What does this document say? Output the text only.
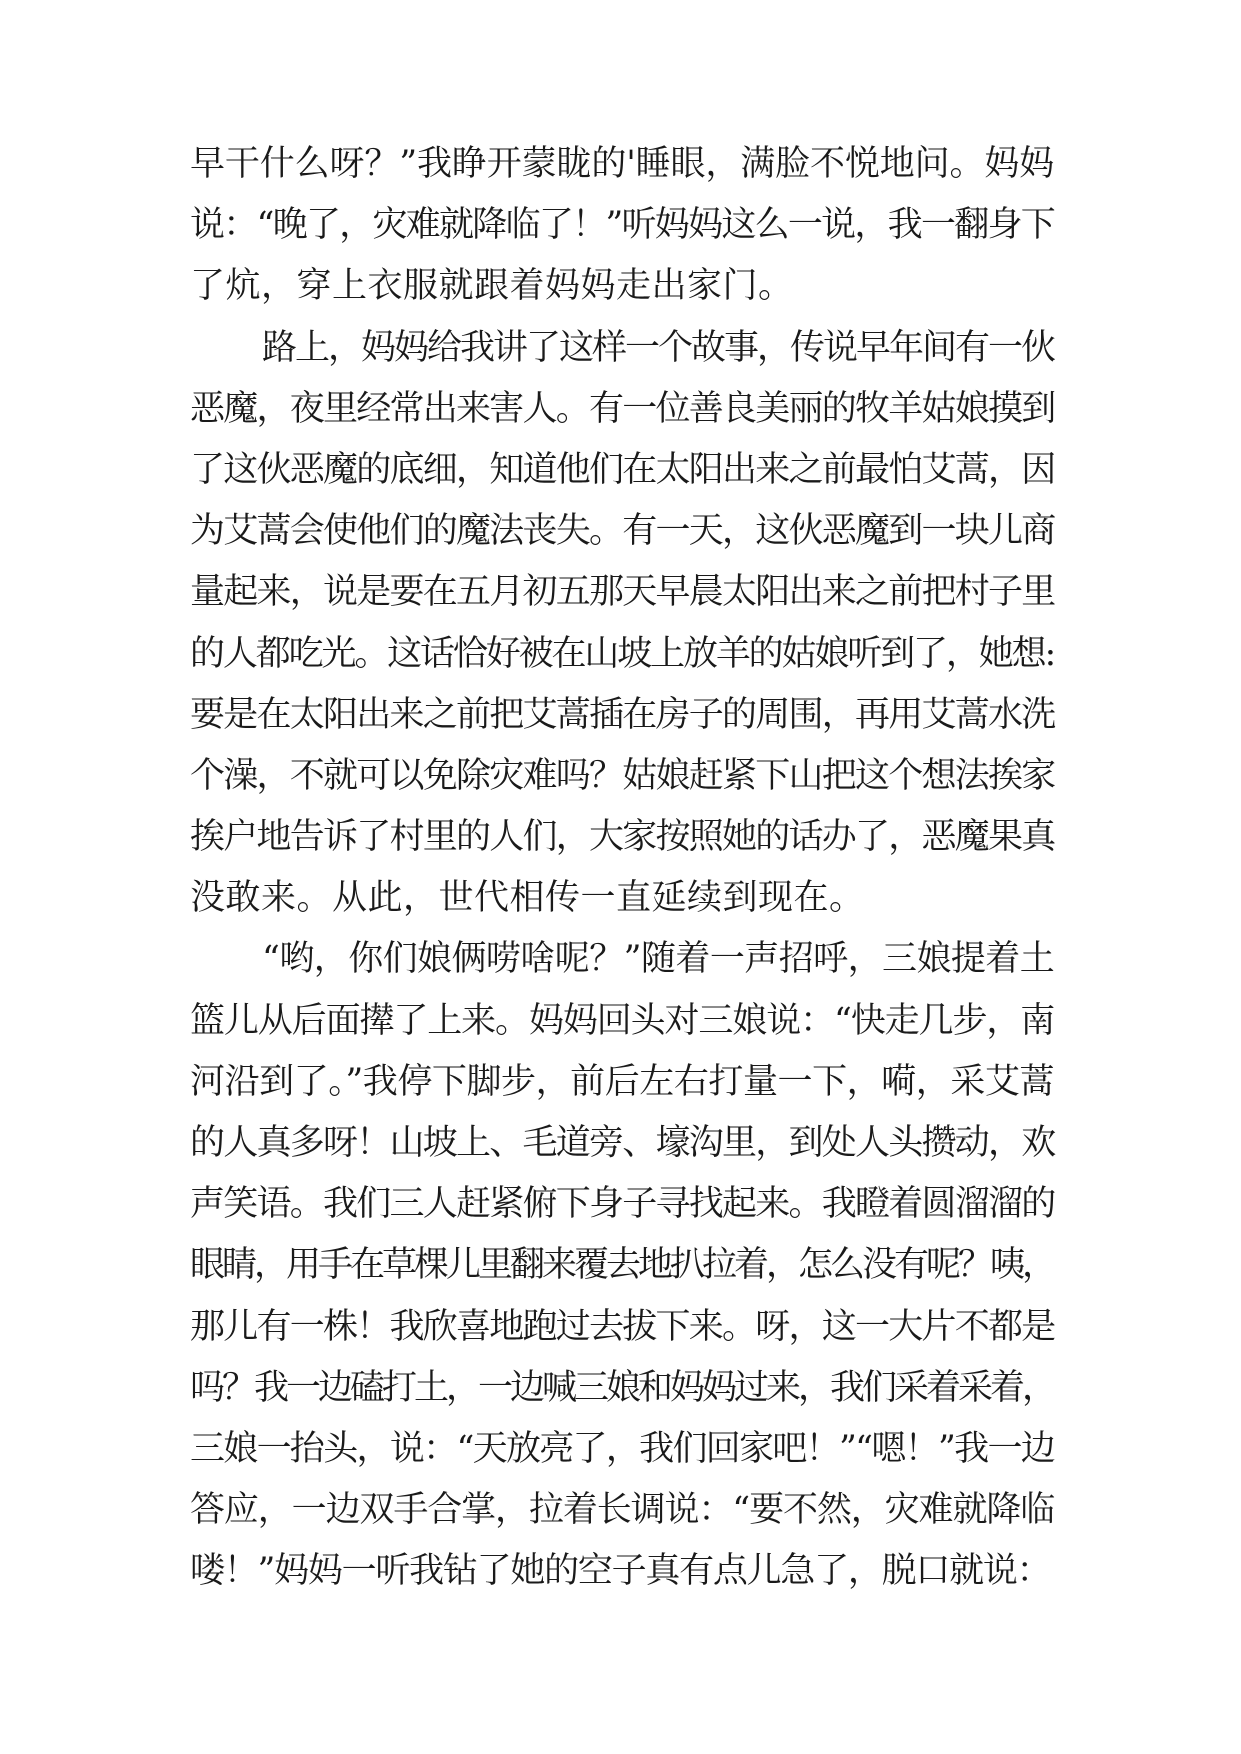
早干什么呀？”我睁开蒙眬的'睡眼，满脸不悦地问。妈妈
说：“晚了，灾难就降临了！”听妈妈这么一说，我一翻身下
了炕，穿上衣服就跟着妈妈走出家门。
路上，妈妈给我讲了这样一个故事，传说早年间有一伙
恶魔，夜里经常出来害人。有一位善良美丽的牧羊姑娘摸到
了这伙恶魔的底细，知道他们在太阳出来之前最怕艾蒿，因
为艾蒿会使他们的魔法丧失。有一天，这伙恶魔到一块儿商
量起来，说是要在五月初五那天早晨太阳出来之前把村子里
的人都吃光。这话恰好被在山坡上放羊的姑娘听到了，她想:
要是在太阳出来之前把艾蒿插在房子的周围，再用艾蒿水洗
个澡，不就可以免除灾难吗？姑娘赶紧下山把这个想法挨家
挨户地告诉了村里的人们，大家按照她的话办了，恶魔果真
没敢来。从此，世代相传一直延续到现在。
“哟，你们娘俩唠啥呢？”随着一声招呼，三娘提着土
篮儿从后面撵了上来。妈妈回头对三娘说：“快走几步，南
河沿到了。”我停下脚步，前后左右打量一下，嗬，采艾蒿
的人真多呀！山坡上、毛道旁、壕沟里，到处人头攒动，欢
声笑语。我们三人赶紧俯下身子寻找起来。我瞪着圆溜溜的
眼睛，用手在草棵儿里翻来覆去地扒拉着，怎么没有呢？咦，
那儿有一株！我欣喜地跑过去拔下来。呀，这一大片不都是
吗？我一边磕打土，一边喊三娘和妈妈过来，我们采着采着，
三娘一抬头，说：“天放亮了，我们回家吧！”“嗯！”我一边
答应，一边双手合掌，拉着长调说：“要不然，灾难就降临
喽！”妈妈一听我钻了她的空子真有点儿急了，脱口就说：
